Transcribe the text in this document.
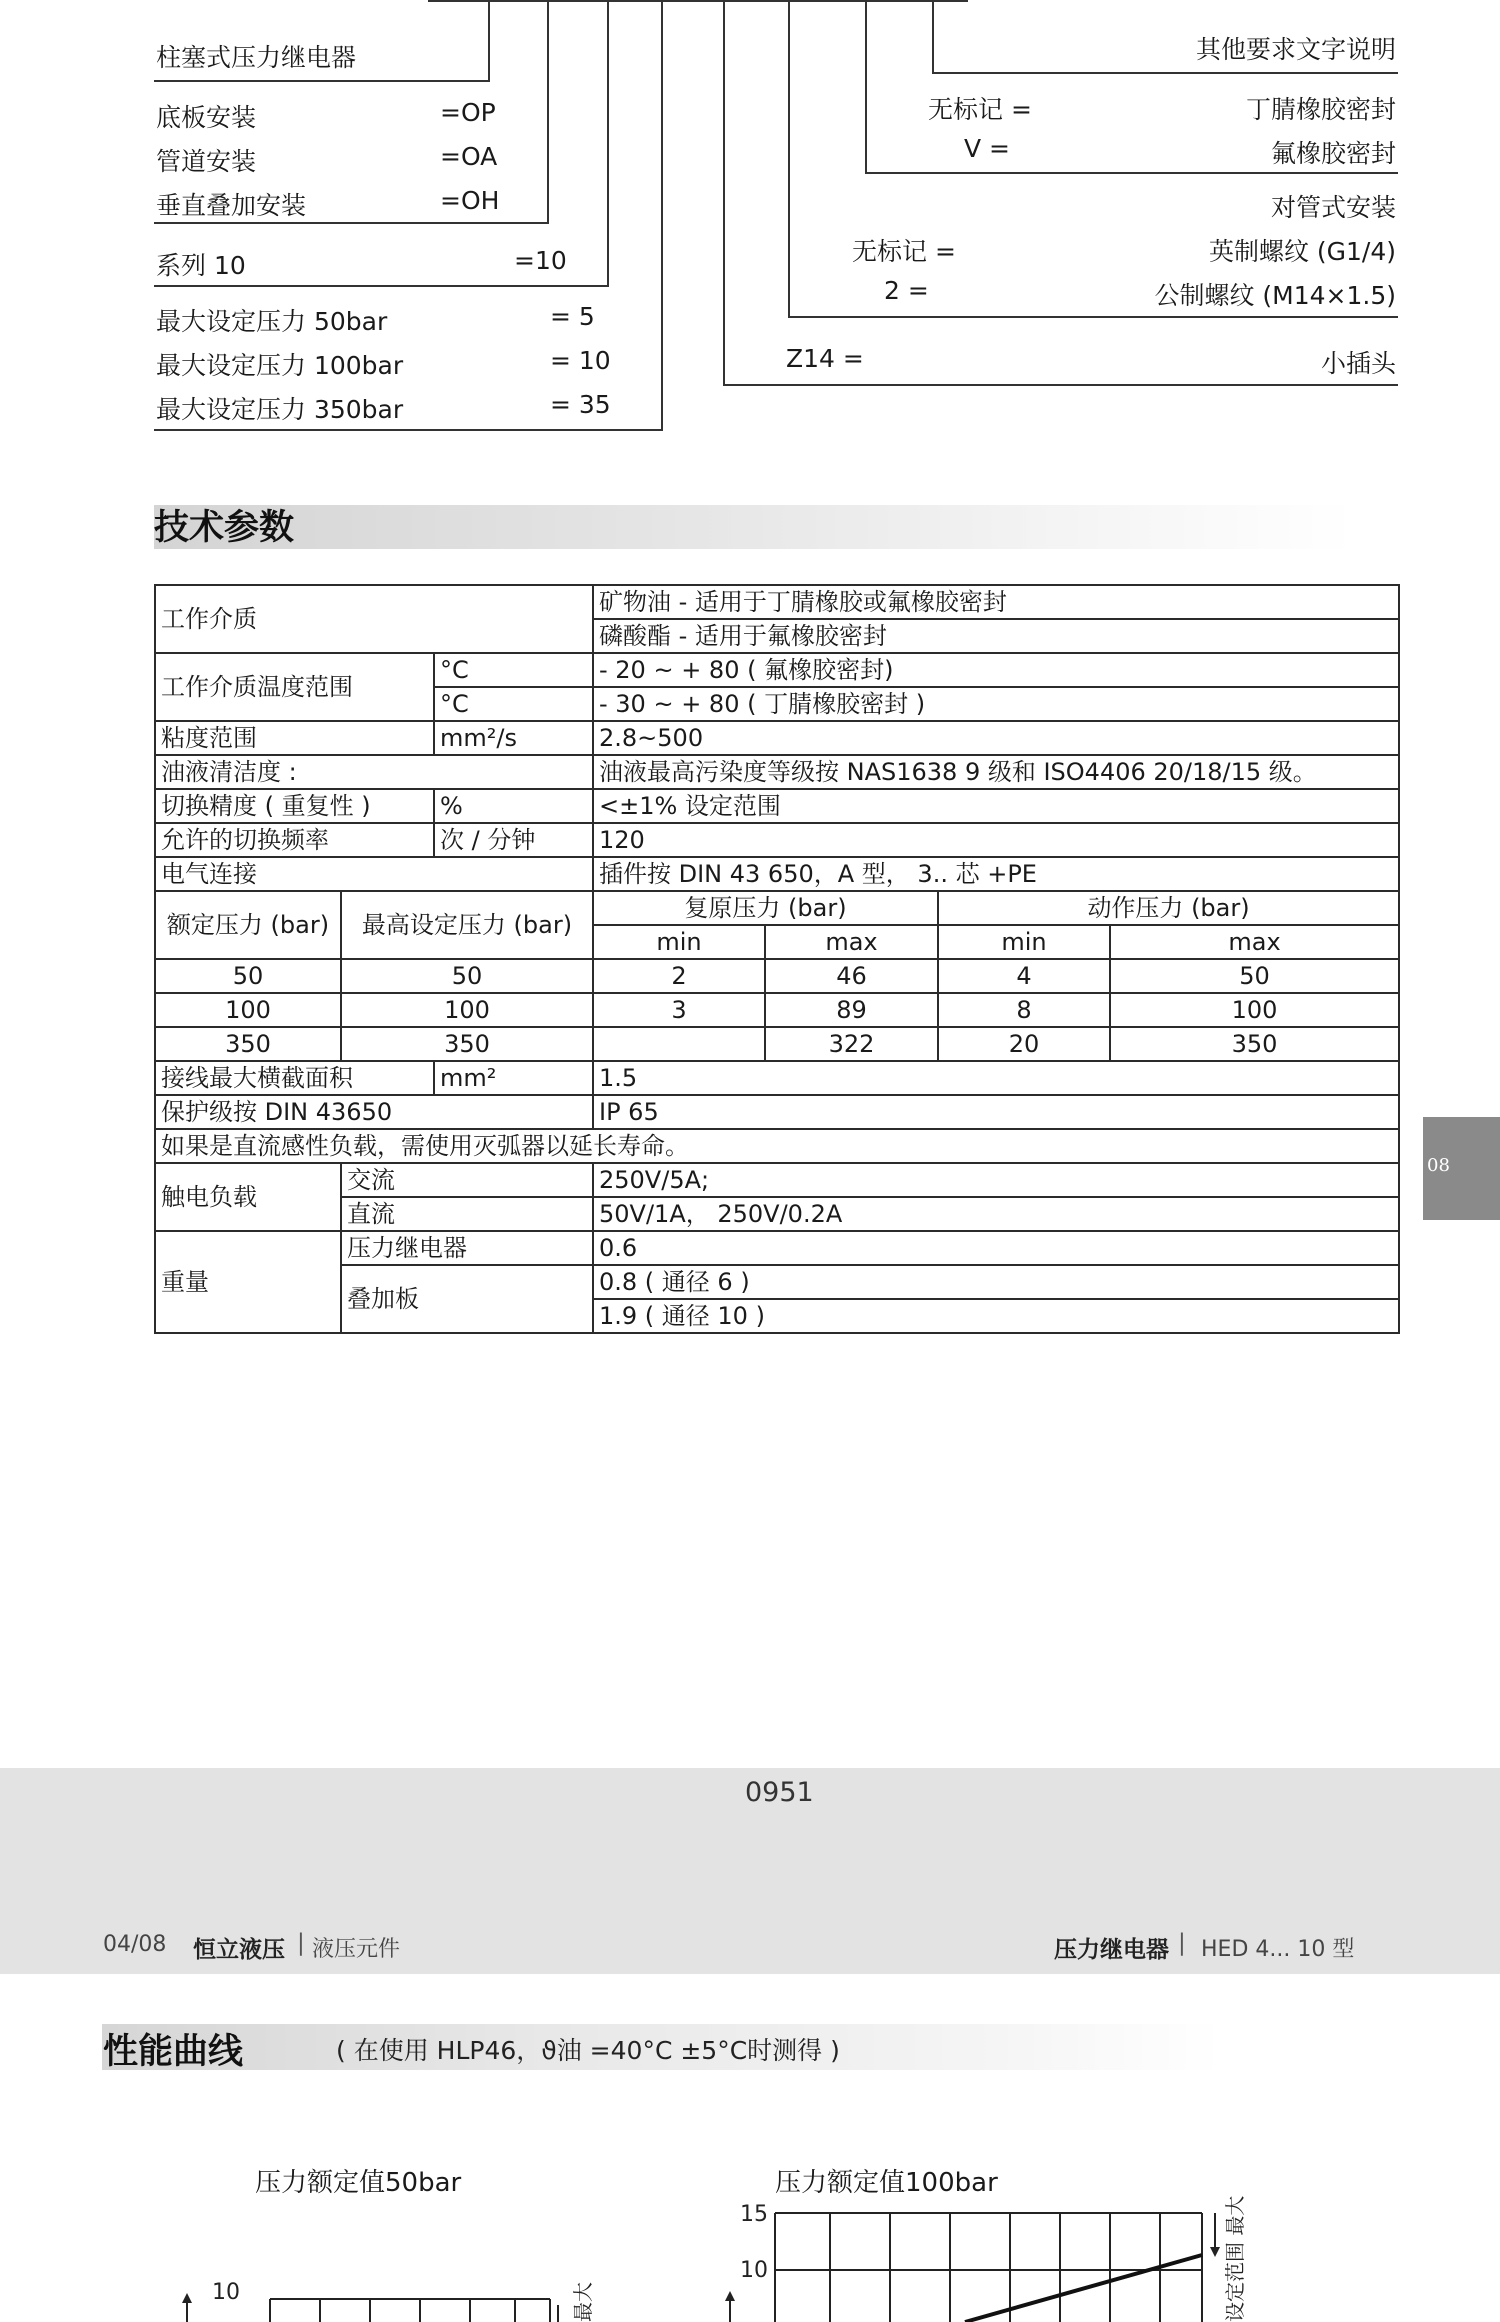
柱塞式压力继电器
底板安装	=OP
管道安装	=OA
垂直叠加安装	=OH
系列 10	=10
最大设定压力 50bar	= 5
最大设定压力 100bar	= 10
最大设定压力 350bar	= 35
其他要求文字说明
无标记 =	丁腈橡胶密封
V =	氟橡胶密封
对管式安装
无标记 =	英制螺纹 (G1/4)
2 =	公制螺纹 (M14×1.5)
Z14 =	小插头
技术参数
工作介质			矿物油 - 适用于丁腈橡胶或氟橡胶密封			
			磷酸酯 - 适用于氟橡胶密封			
工作介质温度范围		°C	- 20 ~ + 80 ( 氟橡胶密封)			
		°C	- 30 ~ + 80 ( 丁腈橡胶密封 )			
粘度范围		mm²/s	2.8~500			
油液清洁度 :			油液最高污染度等级按 NAS1638 9 级和 ISO4406 20/18/15 级。			
切换精度 ( 重复性 )		%	<±1% 设定范围			
允许的切换频率		次 / 分钟	120			
电气连接			插件按 DIN 43 650，A 型， 3.. 芯 +PE			
额定压力 (bar)	最高设定压力 (bar)		复原压力 (bar)		动作压力 (bar)	
			min	max	min	max
50	50		2	46	4	50
100	100		3	89	8	100
350	350			322	20	350
接线最大横截面积		mm²	1.5			
保护级按 DIN 43650			IP 65			
如果是直流感性负载，需使用灭弧器以延长寿命。						
触电负载	交流		250V/5A;			
	直流		50V/1A， 250V/0.2A			
重量	压力继电器		0.6			
	叠加板		0.8 ( 通径 6 )			
			1.9 ( 通径 10 )			
08
0951
04/08 恒立液压 | 液压元件	压力继电器 | HED 4... 10 型
性能曲线	( 在使用 HLP46，ϑ油 =40°C ±5°C时测得 )
压力额定值50bar	压力额定值100bar
10	最大
15
10	设定范围 最大
